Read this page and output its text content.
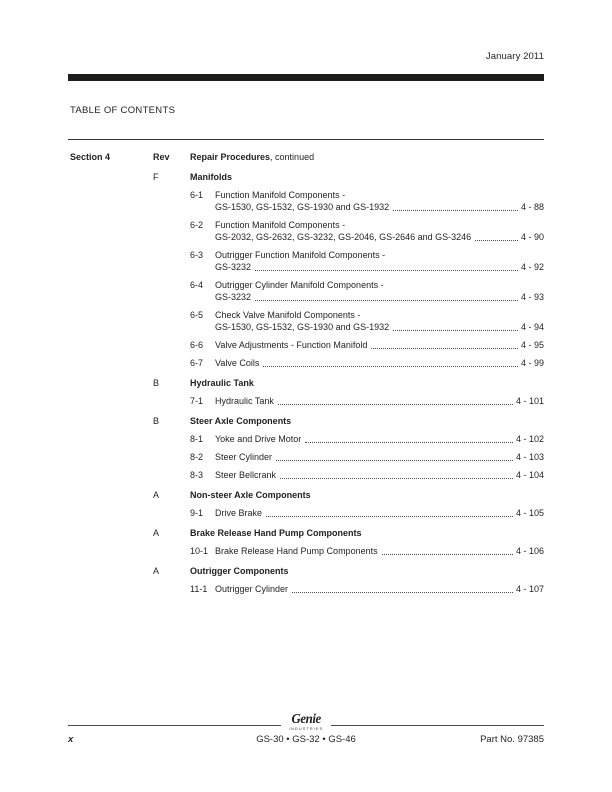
January 2011
TABLE OF CONTENTS
Section 4	Rev	Repair Procedures, continued
F	Manifolds
6-1	Function Manifold Components -
GS-1530, GS-1532, GS-1930 and GS-1932	4 - 88
6-2	Function Manifold Components -
GS-2032, GS-2632, GS-3232, GS-2046, GS-2646 and GS-3246	4 - 90
6-3	Outrigger Function Manifold Components -
GS-3232	4 - 92
6-4	Outrigger Cylinder Manifold Components -
GS-3232	4 - 93
6-5	Check Valve Manifold Components -
GS-1530, GS-1532, GS-1930 and GS-1932	4 - 94
6-6	Valve Adjustments - Function Manifold	4 - 95
6-7	Valve Coils	4 - 99
B	Hydraulic Tank
7-1	Hydraulic Tank	4 - 101
B	Steer Axle Components
8-1	Yoke and Drive Motor	4 - 102
8-2	Steer Cylinder	4 - 103
8-3	Steer Bellcrank	4 - 104
A	Non-steer Axle Components
9-1	Drive Brake	4 - 105
A	Brake Release Hand Pump Components
10-1 Brake Release Hand Pump Components	4 - 106
A	Outrigger Components
11-1 Outrigger Cylinder	4 - 107
Genie
INDUSTRIES
x	GS-30 • GS-32 • GS-46	Part No. 97385
